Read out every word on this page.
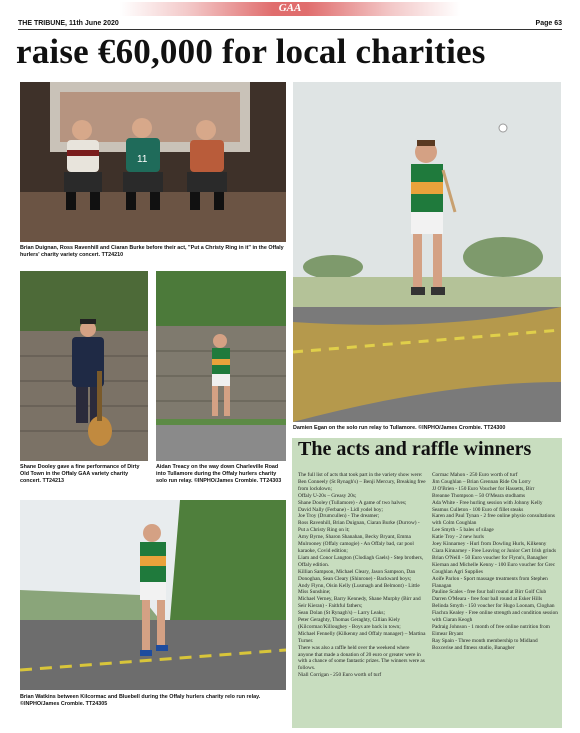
GAA
THE TRIBUNE, 11th June 2020	Page 63
raise €60,000 for local charities
11
Brian Duignan, Ross Ravenhill and Ciaran Burke before their act, "Put a Christy Ring in it" in the Offaly hurlers' charity variety concert. TT24210
Shane Dooley gave a fine performance of Dirty Old Town in the Offaly GAA variety charity concert. TT24213
Aidan Treacy on the way down Charleville Road into Tullamore during the Offaly hurlers charity solo run relay. ©INPHO/James Crombie. TT24303
Damien Egan on the solo run relay to Tullamore. ©INPHO/James Crombie. TT24300
Brian Watkins between Kilcormac and Bluebell during the Offaly hurlers charity relo run relay. ©INPHO/James Crombie. TT24305
The acts and raffle winners

The full list of acts that took part in the variety show were:

Ben Conneely (St Rynagh's) – Benji Mercury, Breaking free from lockdown;

Offaly U-20s – Greasy 20s;

Shane Dooley (Tullamore) - A game of two halves;

David Nally (Ferbane) - Lidl yodel boy;

Joe Troy (Drumcullen) - The dreamer;

Ross Ravenhill, Brian Duignan, Ciaran Burke (Durrow) - Put a Christy Ring on it;

Amy Byrne, Sharon Shanahan, Becky Bryant, Emma Mulrooney (Offaly camogie) - An Offaly bad, car pool karaoke, Covid edition;

Liam and Conor Langton (Clodiagh Gaels) - Step brothers, Offaly edition.

Killian Sampson, Michael Cleary, Jason Sampson, Dan Donoghan, Sean Cleary (Shinrone) - Backward boys;

Andy Flynn, Oisin Kelly (Lusmagh and Belmont) - Little Miss Sunshine;

Michael Verney, Barry Kennedy, Shane Murphy (Birr and Seir Kieran) - Faithful fathers;

Sean Dolan (St Rynagh's) – Larry Leaks;

Peter Geraghty, Thomas Geraghty, Cillian Kiely (Kilcormac/Killoughey - Boys are back in town;

Michael Fennelly (Kilkenny and Offaly manager) – Martina Turner.

There was also a raffle held over the weekend where anyone that made a donation of 20 euro or greater were in with a chance of some fantastic prizes. The winners were as follows.

Niall Corrigan - 250 Euro worth of turf

Cormac Mahon - 250 Euro worth of turf

Jim Coughlan – Brian Grennan Ride On Lorry

JJ O'Brien - 150 Euro Voucher for Hassetts, Birr

Breanne Thompson – 50 O'Meara stodhams

Ada White - Free hurling session with Johnny Kelly

Seamus Culleton - 100 Euro of fillet steaks

Karen and Paul Tynan - 2 free online physio consultations with Colm Coughlan

Lee Smyth - 5 bales of silage

Katie Troy - 2 new hurls

Joey Kinnarney - Hurl from Dowling Hurls, Kilkenny

Ciara Kinnarney - Free Leaving or Junior Cert Irish grinds

Brian O'Neill - 50 Euro voucher for Flynn's, Banagher

Kiernan and Michelle Kenny - 100 Euro voucher for Grec Coughlan Agri Supplies

Aoife Parlon - Sport massage treatments from Stephen Flanagan

Pauline Scales - free four ball round at Birr Golf Club

Darren O'Meara - free four ball round at Esker Hills

Belinda Smyth - 150 voucher for Hugo Loonam, Cloghan

Fiachra Kealey - Free online strength and condition session with Ciaran Keogh

Padraig Johnson - 1 month of free online nutrition from Eimear Bryant

Ray Spain - Three month membership to Midland Boxcerise and fitness studio, Banagher
